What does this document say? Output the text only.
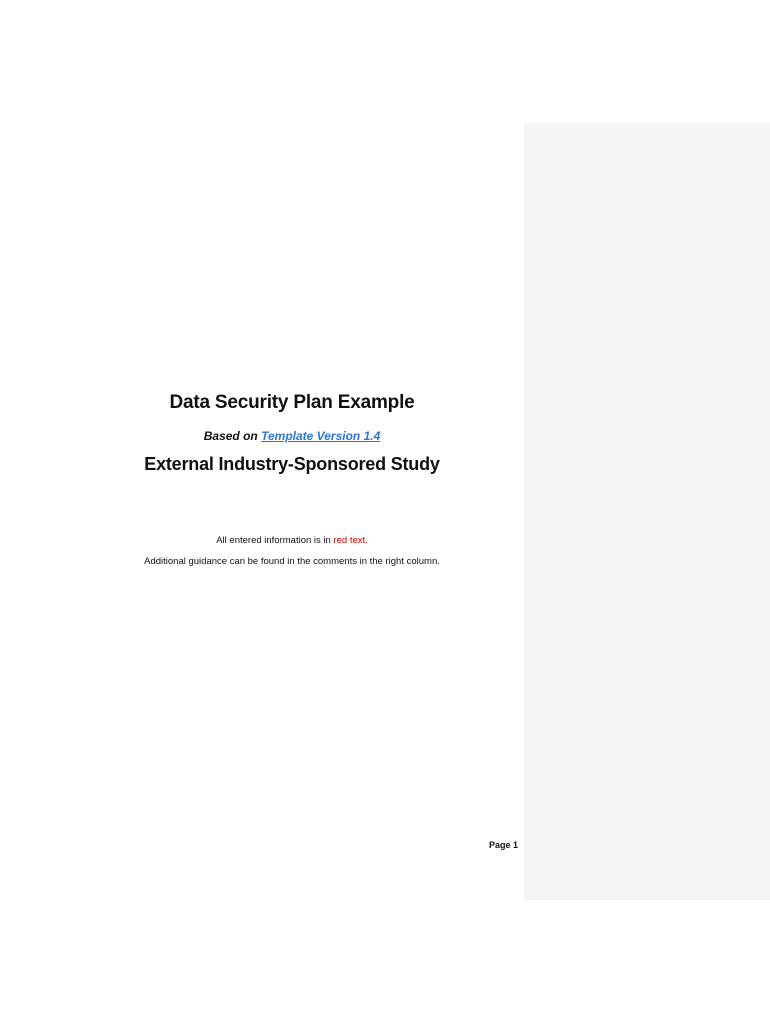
Data Security Plan Example
Based on Template Version 1.4
External Industry-Sponsored Study
All entered information is in red text.
Additional guidance can be found in the comments in the right column.
Page 1
